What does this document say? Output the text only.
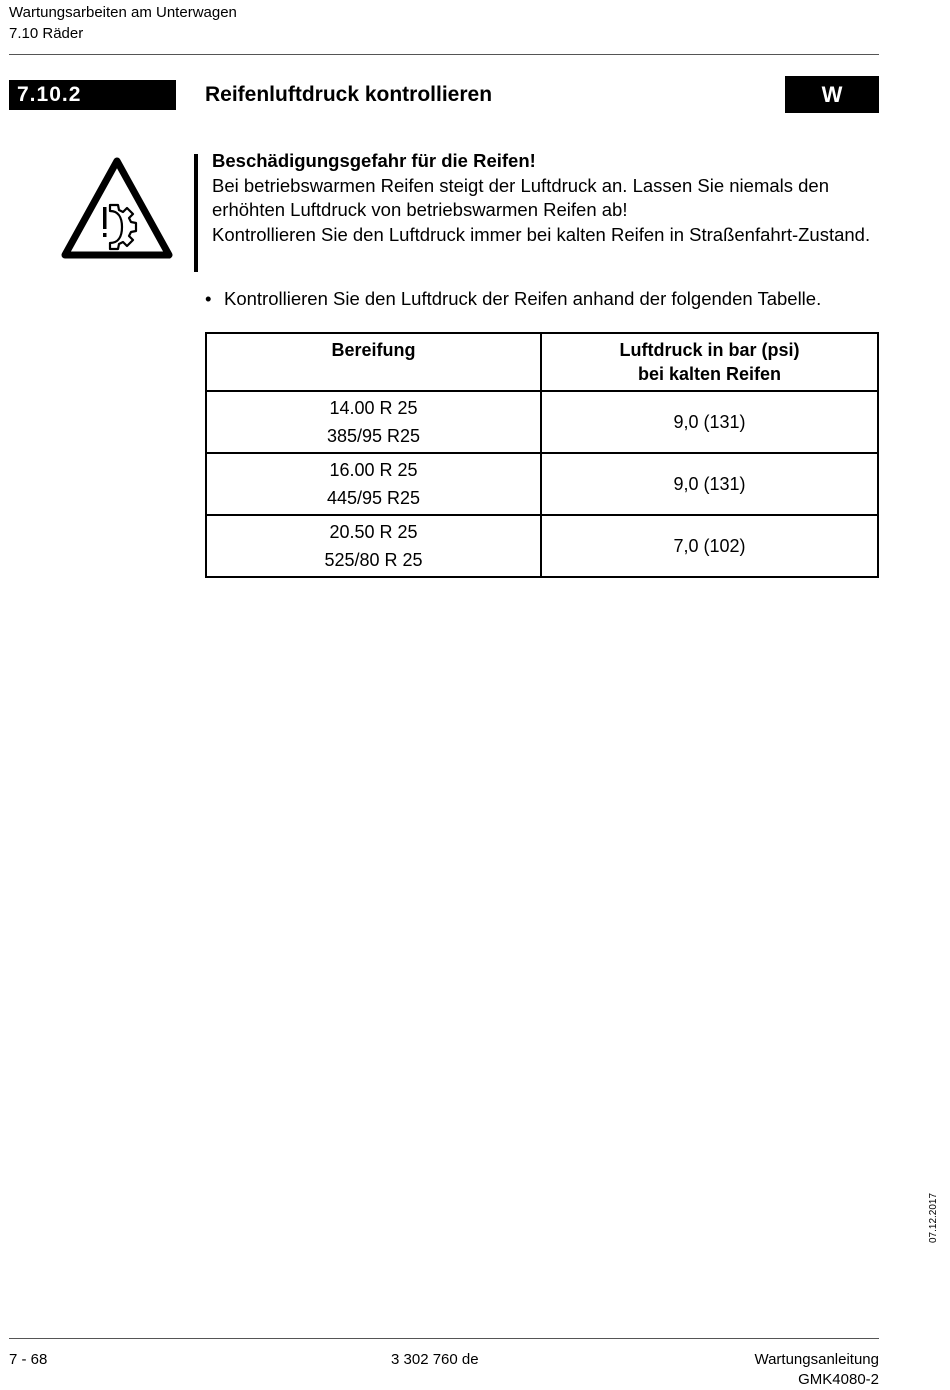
Wartungsarbeiten am Unterwagen
7.10 Räder
7.10.2	Reifenluftdruck kontrollieren	W

Beschädigungsgefahr für die Reifen!

Bei betriebswarmen Reifen steigt der Luftdruck an. Lassen Sie niemals den erhöhten Luftdruck von betriebswarmen Reifen ab!

Kontrollieren Sie den Luftdruck immer bei kalten Reifen in Straßenfahrt-Zustand.

• Kontrollieren Sie den Luftdruck der Reifen anhand der folgenden Tabelle.
Bereifung	Luftdruck in bar (psi)
bei kalten Reifen

14.00 R 25
385/95 R25	9,0 (131)

16.00 R 25
445/95 R25	9,0 (131)

20.50 R 25
525/80 R 25	7,0 (102)
07.12.2017
7 - 68	3 302 760 de	Wartungsanleitung
GMK4080-2
